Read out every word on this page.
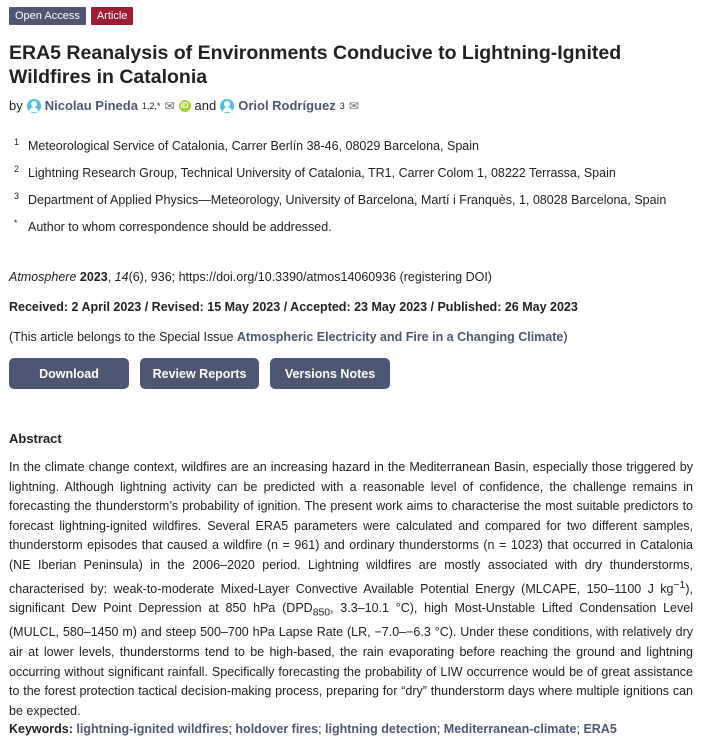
Open Access	Article
ERA5 Reanalysis of Environments Conducive to Lightning-Ignited Wildfires in Catalonia
by Nicolau Pineda 1,2,* ✉ iD and Oriol Rodríguez 3 ✉
1 Meteorological Service of Catalonia, Carrer Berlín 38-46, 08029 Barcelona, Spain
2 Lightning Research Group, Technical University of Catalonia, TR1, Carrer Colom 1, 08222 Terrassa, Spain
3 Department of Applied Physics—Meteorology, University of Barcelona, Martí i Franquès, 1, 08028 Barcelona, Spain
* Author to whom correspondence should be addressed.
Atmosphere 2023, 14(6), 936; https://doi.org/10.3390/atmos14060936 (registering DOI)
Received: 2 April 2023 / Revised: 15 May 2023 / Accepted: 23 May 2023 / Published: 26 May 2023
(This article belongs to the Special Issue Atmospheric Electricity and Fire in a Changing Climate)
Download	Review Reports	Versions Notes
Abstract

In the climate change context, wildfires are an increasing hazard in the Mediterranean Basin, especially those triggered by lightning. Although lightning activity can be predicted with a reasonable level of confidence, the challenge remains in forecasting the thunderstorm’s probability of ignition. The present work aims to characterise the most suitable predictors to forecast lightning-ignited wildfires. Several ERA5 parameters were calculated and compared for two different samples, thunderstorm episodes that caused a wildfire (n = 961) and ordinary thunderstorms (n = 1023) that occurred in Catalonia (NE Iberian Peninsula) in the 2006–2020 period. Lightning wildfires are mostly associated with dry thunderstorms, characterised by: weak-to-moderate Mixed-Layer Convective Available Potential Energy (MLCAPE, 150–1100 J $kg^{-1}$), significant Dew Point Depression at 850 hPa ($DPD_{850}$, 3.3–10.1 °C), high Most-Unstable Lifted Condensation Level (MULCL, 580–1450 m) and steep 500–700 hPa Lapse Rate (LR, −7.0–−6.3 °C). Under these conditions, with relatively dry air at lower levels, thunderstorms tend to be high-based, the rain evaporating before reaching the ground and lightning occurring without significant rainfall. Specifically forecasting the probability of LIW occurrence would be of great assistance to the forest protection tactical decision-making process, preparing for “dry” thunderstorm days where multiple ignitions can be expected.

Keywords: lightning-ignited wildfires; holdover fires; lightning detection; Mediterranean-climate; ERA5
